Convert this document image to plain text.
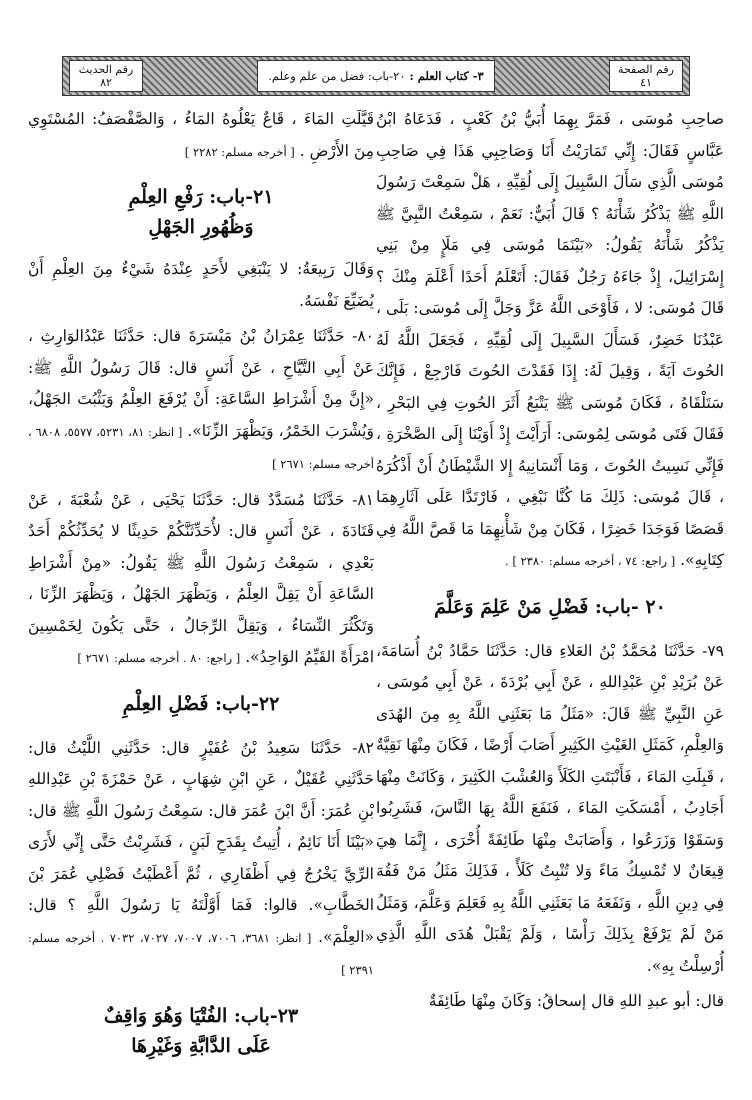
رقم الحديث
٨٢	٣- كتاب العلم :
٢٠-باب: فضل من علم وعلم.	رقم الصفحة
٤١

صاحِبِ مُوسَى ، فَمَرَّ بِهِمَا أُبَيُّ بْنُ كَعْبٍ ، فَدَعَاهُ ابْنُ عَبَّاسٍ فَقَالَ: إِنِّي تَمَارَيْتُ أَنَا وَصَاحِبِي هَذَا فِي صَاحِبِ مُوسَى الَّذِي سَأَلَ السَّبِيلَ إِلَى لُقِيِّهِ ، هَلْ سَمِعْتَ رَسُولَ اللَّهِ ﷺ يَذْكُرُ شَأْنَهُ ؟ قَالَ أُبَيٌّ: نَعَمْ ، سَمِعْتُ النَّبِيَّ ﷺ يَذْكُرُ شَأْنَهُ يَقُولُ: «بَيْنَمَا مُوسَى فِي مَلَإٍ مِنْ بَنِي إِسْرَائِيلَ، إِذْ جَاءَهُ رَجُلٌ فَقَالَ: أَتَعْلَمُ أَحَدًا أَعْلَمَ مِنْكَ ؟ قَالَ مُوسَى: لا ، فَأَوْحَى اللَّهُ عَزَّ وَجَلَّ إِلَى مُوسَى: بَلَى ، عَبْدُنَا خَضِرٌ، فَسَأَلَ السَّبِيلَ إِلَى لُقِيِّهِ ، فَجَعَلَ اللَّهُ لَهُ الحُوتَ آيَةً ، وَقِيلَ لَهُ: إِذَا فَقَدْتَ الحُوتَ فَارْجِعْ ، فَإِنَّكَ سَتَلْقَاهُ ، فَكَانَ مُوسَى ﷺ يَتْبَعُ أَثَرَ الحُوتِ فِي البَحْرِ ، فَقَالَ فَتَى مُوسَى لِمُوسَى: أَرَأَيْتَ إِذْ أَوَيْنَا إِلَى الصَّخْرَةِ ، فَإِنِّي نَسِيتُ الحُوتَ ، وَمَا أَنْسَانِيهُ إِلا الشَّيْطَانُ أَنْ أَذْكُرَهُ ، قَالَ مُوسَى: ذَلِكَ مَا كُنَّا نَبْغِي ، فَارْتَدَّا عَلَى آثَارِهِمَا قَصَصًا فَوَجَدَا خَضِرًا ، فَكَانَ مِنْ شَأْنِهِمَا مَا قَصَّ اللَّهُ فِي كِتَابِهِ». [ راجع: ٧٤ ، أخرجه مسلم: ٢٣٨٠ ] .

٢٠ -باب: فَضْلِ مَنْ عَلِمَ وَعَلَّمَ

٧٩- حَدَّثَنَا مُحَمَّدُ بْنُ العَلاءِ قال: حَدَّثَنَا حَمَّادُ بْنُ أُسَامَةَ، عَنْ بُرَيْدِ بْنِ عَبْدِاللهِ ، عَنْ أَبِي بُرْدَةَ ، عَنْ أَبِي مُوسَى ، عَنِ النَّبِيِّ ﷺ قَالَ: «مَثَلُ مَا بَعَثَنِي اللَّهُ بِهِ مِنَ الهُدَى وَالعِلْمِ، كَمَثَلِ الغَيْثِ الكَثِيرِ أَصَابَ أَرْضًا ، فَكَانَ مِنْهَا نَقِيَّةٌ ، قَبِلَتِ المَاءَ ، فَأَنْبَتَتِ الكَلَأَ وَالعُشْبَ الكَثِيرَ ، وَكَانَتْ مِنْهَا أَجَادِبُ ، أَمْسَكَتِ المَاءَ ، فَنَفَعَ اللَّهُ بِهَا النَّاسَ، فَشَرِبُوا وَسَقَوْا وَزَرَعُوا ، وَأَصَابَتْ مِنْهَا طَائِفَةً أُخْرَى ، إِنَّمَا هِيَ قِيعَانٌ لا تُمْسِكُ مَاءً وَلا تُنْبِتُ كَلَأً ، فَذَلِكَ مَثَلُ مَنْ فَقُهَ فِي دِينِ اللَّهِ ، وَنَفَعَهُ مَا بَعَثَنِي اللَّهُ بِهِ فَعَلِمَ وَعَلَّمَ، وَمَثَلُ مَنْ لَمْ يَرْفَعْ بِذَلِكَ رَأْسًا ، وَلَمْ يَقْبَلْ هُدَى اللَّهِ الَّذِي أُرْسِلْتُ بِهِ».

قال: أبو عبدِ اللهِ قال إسحاقُ: وَكَانَ مِنْهَا طَائِفَةٌ

قَيَّلَتِ المَاءَ ، قَاعٌ يَعْلُوهُ المَاءُ ، وَالصَّفْصَفُ: المُسْتَوِي مِنَ الأَرْضِ . [ أخرجه مسلم: ٢٢٨٢ ]

٢١-باب: رَفْعِ العِلْمِ
وَظُهُورِ الجَهْلِ

وَقَالَ رَبِيعَةُ: لا يَنْبَغِي لأَحَدٍ عِنْدَهُ شَيْءٌ مِنَ العِلْمِ أَنْ يُضَيِّعَ نَفْسَهُ.

٨٠- حَدَّثَنَا عِمْرَانُ بْنُ مَيْسَرَةَ قال: حَدَّثَنَا عَبْدُالوَارِثِ ، عَنْ أَبِي التَّيَّاحِ ، عَنْ أَنَسٍ قال: قَالَ رَسُولُ اللَّهِ ﷺ: «إِنَّ مِنْ أَشْرَاطِ السَّاعَةِ: أَنْ يُرْفَعَ العِلْمُ وَيَثْبُتَ الجَهْلُ، وَيُشْرَبَ الخَمْرُ، وَيَظْهَرَ الزِّنَا». [ انظر: ٨١، ٥٢٣١، ٥٥٧٧، ٦٨٠٨ ، أخرجه مسلم: ٢٦٧١ ]

٨١- حَدَّثَنَا مُسَدَّدٌ قال: حَدَّثَنَا يَحْيَى ، عَنْ شُعْبَةَ ، عَنْ قَتَادَةَ ، عَنْ أَنَسٍ قال: لأُحَدِّثَنَّكُمْ حَدِيثًا لا يُحَدِّثُكُمْ أَحَدٌ بَعْدِي ، سَمِعْتُ رَسُولَ اللَّهِ ﷺ يَقُولُ: «مِنْ أَشْرَاطِ السَّاعَةِ أَنْ يَقِلَّ العِلْمُ ، وَيَظْهَرَ الجَهْلُ ، وَيَظْهَرَ الزِّنَا ، وَتَكْثُرَ النِّسَاءُ ، وَيَقِلَّ الرِّجَالُ ، حَتَّى يَكُونَ لِخَمْسِينَ امْرَأَةً القَيِّمُ الوَاحِدُ». [ راجع: ٨٠ . أخرجه مسلم: ٢٦٧١ ]

٢٢-باب: فَضْلِ العِلْمِ

٨٢- حَدَّثَنَا سَعِيدُ بْنُ عُفَيْرٍ قال: حَدَّثَنِي اللَّيْثُ قال: حَدَّثَنِي عُقَيْلٌ ، عَنِ ابْنِ شِهَابٍ ، عَنْ حَمْزَةَ بْنِ عَبْدِاللهِ بْنِ عُمَرَ: أَنَّ ابْنَ عُمَرَ قال: سَمِعْتُ رَسُولَ اللَّهِ ﷺ قال: «بَيْنَا أَنَا نَائِمٌ ، أُتِيتُ بِقَدَحِ لَبَنٍ ، فَشَرِبْتُ حَتَّى إِنِّي لأَرَى الرِّيَّ يَخْرُجُ فِي أَظْفَارِي ، ثُمَّ أَعْطَيْتُ فَضْلِي عُمَرَ بْنَ الخَطَّابِ». قالوا: فَمَا أَوَّلْتَهُ يَا رَسُولَ اللَّهِ ؟ قال: «العِلْمَ». [ انظر: ٣٦٨١، ٧٠٠٦، ٧٠٠٧، ٧٠٢٧، ٧٠٣٢ . أخرجه مسلم: ٢٣٩١ ]

٢٣-باب: الفُتْيَا وَهُوَ وَاقِفٌ
عَلَى الدَّابَّةِ وَغَيْرِهَا
